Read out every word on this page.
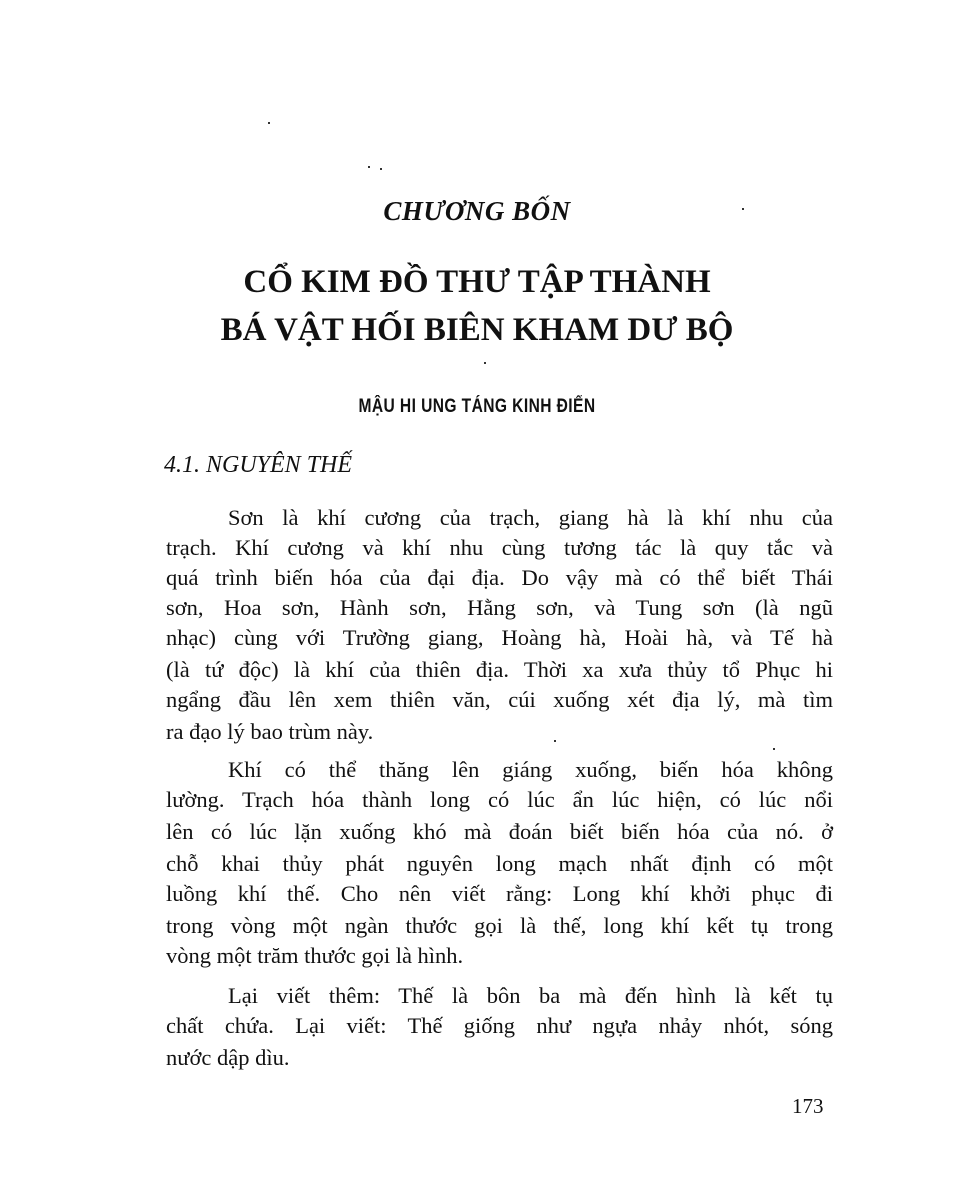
CHƯƠNG BỐN
CỔ KIM ĐỒ THƯ TẬP THÀNH
BÁ VẬT HỐI BIÊN KHAM DƯ BỘ
MẬU HI UNG TÁNG KINH ĐIỂN
4.1. NGUYÊN THẾ
Sơn là khí cương của trạch, giang hà là khí nhu của
trạch. Khí cương và khí nhu cùng tương tác là quy tắc và
quá trình biến hóa của đại địa. Do vậy mà có thể biết Thái
sơn, Hoa sơn, Hành sơn, Hằng sơn, và Tung sơn (là ngũ
nhạc) cùng với Trường giang, Hoàng hà, Hoài hà, và Tế hà
(là tứ độc) là khí của thiên địa. Thời xa xưa thủy tổ Phục hi
ngẩng đầu lên xem thiên văn, cúi xuống xét địa lý, mà tìm
ra đạo lý bao trùm này.
Khí có thể thăng lên giáng xuống, biến hóa không
lường. Trạch hóa thành long có lúc ẩn lúc hiện, có lúc nổi
lên có lúc lặn xuống khó mà đoán biết biến hóa của nó. ở
chỗ khai thủy phát nguyên long mạch nhất định có một
luồng khí thế. Cho nên viết rằng: Long khí khởi phục đi
trong vòng một ngàn thước gọi là thế, long khí kết tụ trong
vòng một trăm thước gọi là hình.
Lại viết thêm: Thế là bôn ba mà đến hình là kết tụ
chất chứa. Lại viết: Thế giống như ngựa nhảy nhót, sóng
nước dập dìu.
173
